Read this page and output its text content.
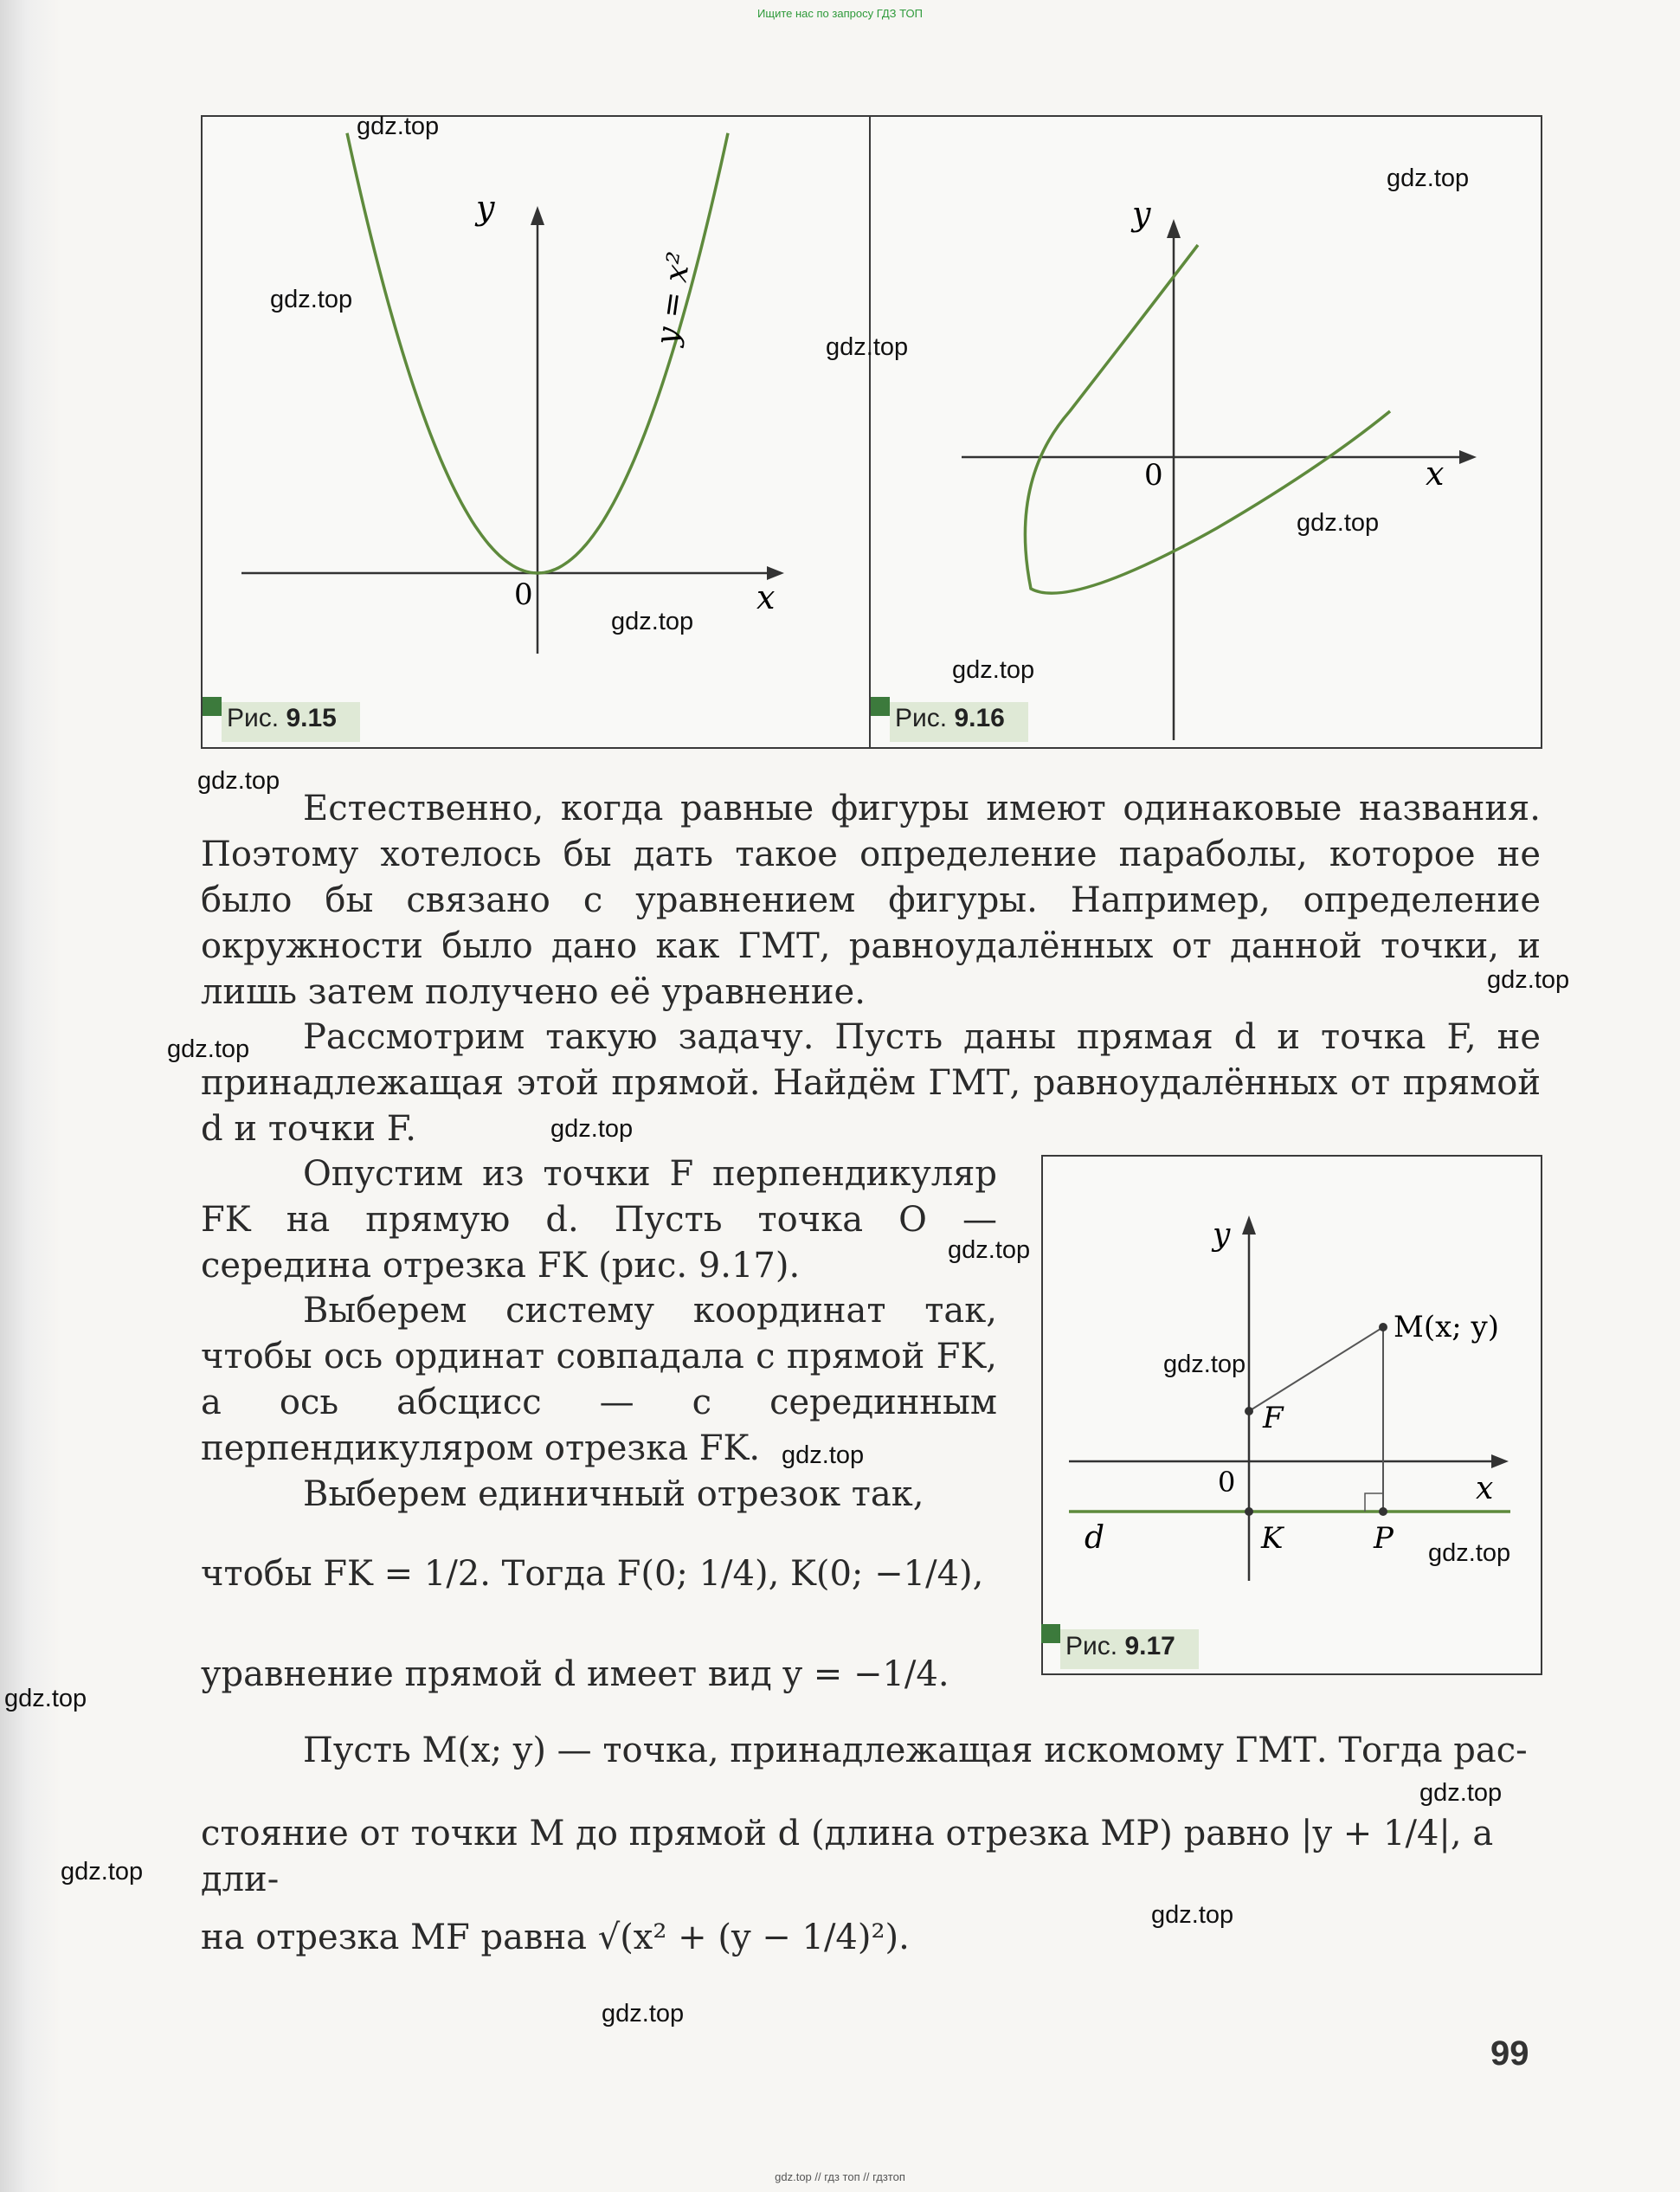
Ищите нас по запросу ГДЗ ТОП
y
x
0
y = x²
Рис. 9.15
y
x
0
Рис. 9.16
y
x
0
M(x; y)
F
d	K	P
Рис. 9.17
Естественно, когда равные фигуры имеют одинаковые названия. Поэтому хотелось бы дать такое определение параболы, которое не было бы связано с уравнением фигуры. Например, определение окружности было дано как ГМТ, равноудалённых от данной точки, и лишь затем получено её уравнение.
Рассмотрим такую задачу. Пусть даны прямая d и точка F, не принадлежащая этой прямой. Найдём ГМТ, равноудалённых от прямой d и точки F.
Опустим из точки F перпендикуляр FK на прямую d. Пусть точка O — середина отрезка FK (рис. 9.17).
Выберем систему координат так, чтобы ось ординат совпадала с прямой FK, а ось абсцисс — с серединным перпендикуляром отрезка FK.
Выберем единичный отрезок так,
чтобы FK = 1/2. Тогда F(0; 1/4), K(0; −1/4),
уравнение прямой d имеет вид y = −1/4.
Пусть M(x; y) — точка, принадлежащая искомому ГМТ. Тогда рас-
стояние от точки M до прямой d (длина отрезка MP) равно |y + 1/4|, а дли-
на отрезка MF равна √(x² + (y − 1/4)²).
99
gdz.top
gdz.top
gdz.top
gdz.top
gdz.top
gdz.top
gdz.top
gdz.top
gdz.top
gdz.top
gdz.top
gdz.top
gdz.top
gdz.top
gdz.top
gdz.top
gdz.top
gdz.top
gdz.top
gdz.top
gdz.top // гдз топ // гдзтоп
